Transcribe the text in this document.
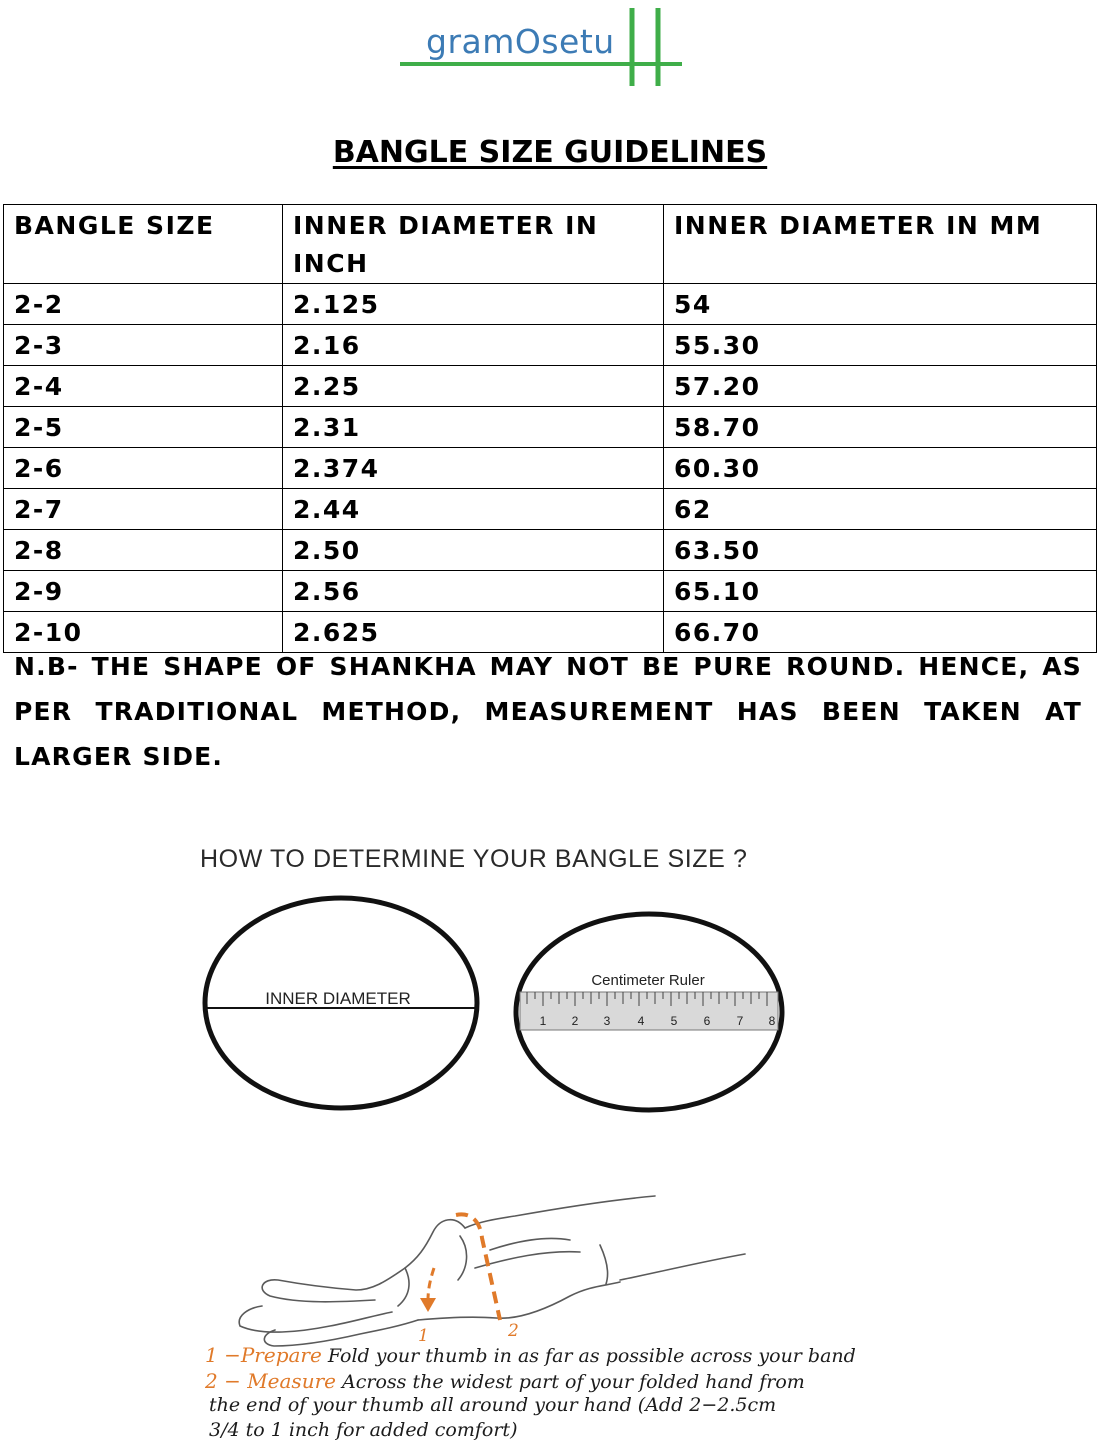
gramOsetu
BANGLE SIZE GUIDELINES
BANGLE SIZE	INNER DIAMETER IN INCH	INNER DIAMETER IN MM
2-2	2.125	54
2-3	2.16	55.30
2-4	2.25	57.20
2-5	2.31	58.70
2-6	2.374	60.30
2-7	2.44	62
2-8	2.50	63.50
2-9	2.56	65.10
2-10	2.625	66.70
N.B- THE SHAPE OF SHANKHA MAY NOT BE PURE ROUND. HENCE, AS PER TRADITIONAL METHOD, MEASUREMENT HAS BEEN TAKEN AT LARGER SIDE.
HOW TO DETERMINE YOUR BANGLE SIZE ?
INNER DIAMETER
Centimeter Ruler
1 2 3 4 5 6 7 8
1	2
1 −Prepare Fold your thumb in as far as possible across your band
2 − Measure Across the widest part of your folded hand from
the end of your thumb all around your hand (Add 2−2.5cm
3/4 to 1 inch for added comfort)
